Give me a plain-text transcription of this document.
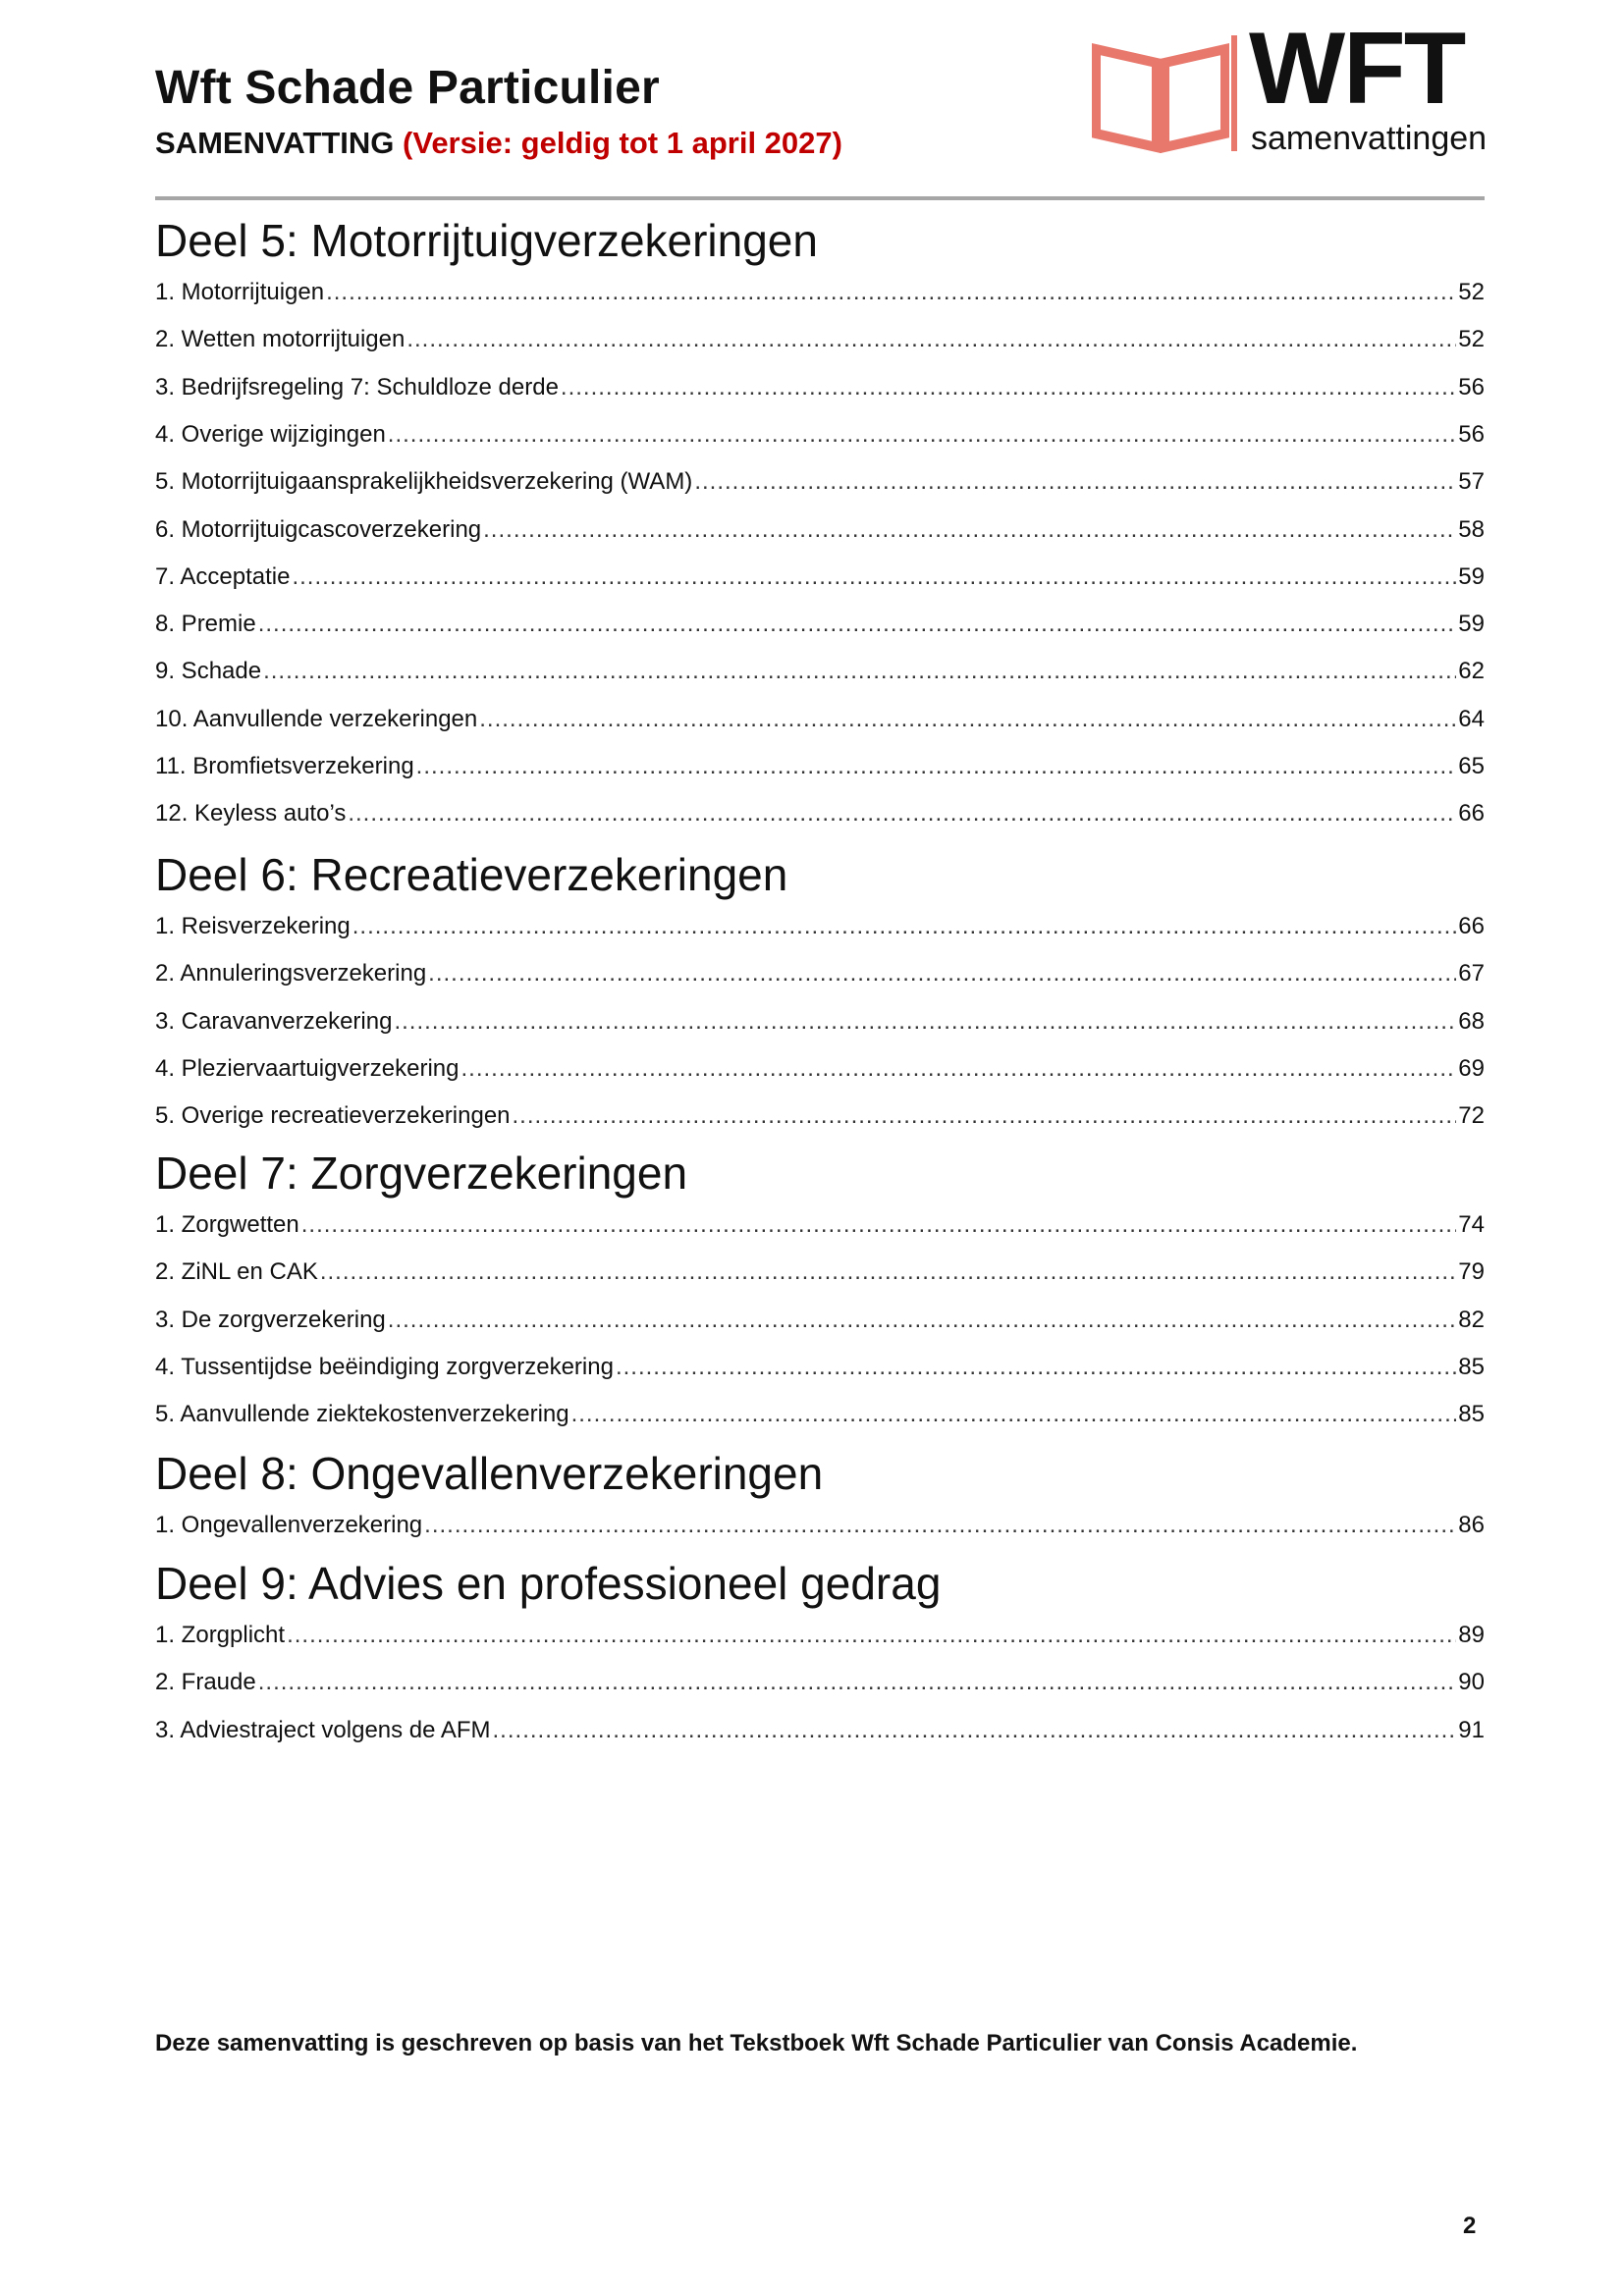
Wft Schade Particulier
SAMENVATTING (Versie: geldig tot 1 april 2027)
WFT
samenvattingen
Deel 5: Motorrijtuigverzekeringen
1. Motorrijtuigen .....	52
2. Wetten motorrijtuigen .....	52
3. Bedrijfsregeling 7: Schuldloze derde .....	56
4. Overige wijzigingen .....	56
5. Motorrijtuigaansprakelijkheidsverzekering (WAM) .....	57
6. Motorrijtuigcascoverzekering .....	58
7. Acceptatie .....	59
8. Premie .....	59
9. Schade .....	62
10. Aanvullende verzekeringen .....	64
11. Bromfietsverzekering .....	65
12. Keyless auto’s .....	66
Deel 6: Recreatieverzekeringen
1. Reisverzekering .....	66
2. Annuleringsverzekering .....	67
3. Caravanverzekering .....	68
4. Pleziervaartuigverzekering .....	69
5. Overige recreatieverzekeringen .....	72
Deel 7: Zorgverzekeringen
1. Zorgwetten .....	74
2. ZiNL en CAK .....	79
3. De zorgverzekering .....	82
4. Tussentijdse beëindiging zorgverzekering .....	85
5. Aanvullende ziektekostenverzekering .....	85
Deel 8: Ongevallenverzekeringen
1. Ongevallenverzekering .....	86
Deel 9: Advies en professioneel gedrag
1. Zorgplicht .....	89
2. Fraude .....	90
3. Adviestraject volgens de AFM .....	91
Deze samenvatting is geschreven op basis van het Tekstboek Wft Schade Particulier van Consis Academie.
2
